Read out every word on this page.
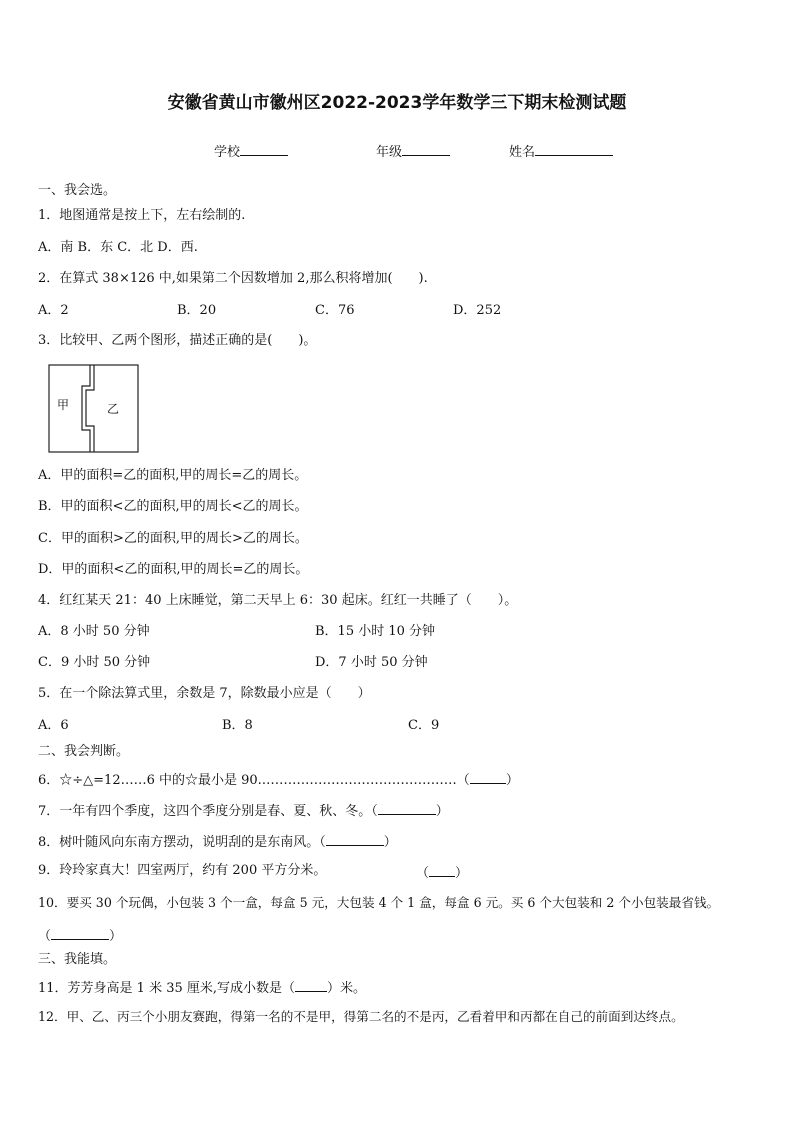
安徽省黄山市徽州区2022-2023学年数学三下期末检测试题
学校	年级	姓名
一、我会选。
1．地图通常是按上下，左右绘制的.
A．南 B．东 C．北 D．西.
2．在算式 38×126 中,如果第二个因数增加 2,那么积将增加(　　).
A．2	B．20	C．76	D．252
3．比较甲、乙两个图形，描述正确的是(　　)。
甲	乙
A．甲的面积=乙的面积,甲的周长=乙的周长。
B．甲的面积<乙的面积,甲的周长<乙的周长。
C．甲的面积>乙的面积,甲的周长>乙的周长。
D．甲的面积<乙的面积,甲的周长=乙的周长。
4．红红某天 21：40 上床睡觉，第二天早上 6：30 起床。红红一共睡了（　　）。
A．8 小时 50 分钟	B．15 小时 10 分钟
C．9 小时 50 分钟	D．7 小时 50 分钟
5．在一个除法算式里，余数是 7，除数最小应是（　　）
A．6	B．8	C．9
二、我会判断。
6．☆÷△=12……6 中的☆最小是 90.………………………………………（	）
7．一年有四个季度，这四个季度分别是春、夏、秋、冬。（	）
8．树叶随风向东南方摆动，说明刮的是东南风。（	）
9．玲玲家真大！四室两厅，约有 200 平方分米。	（ ）
10．要买 30 个玩偶，小包装 3 个一盒，每盒 5 元，大包装 4 个 1 盒，每盒 6 元。买 6 个大包装和 2 个小包装最省钱。
（	）
三、我能填。
11．芳芳身高是 1 米 35 厘米,写成小数是（ ）米。
12．甲、乙、丙三个小朋友赛跑，得第一名的不是甲，得第二名的不是丙，乙看着甲和丙都在自己的前面到达终点。
